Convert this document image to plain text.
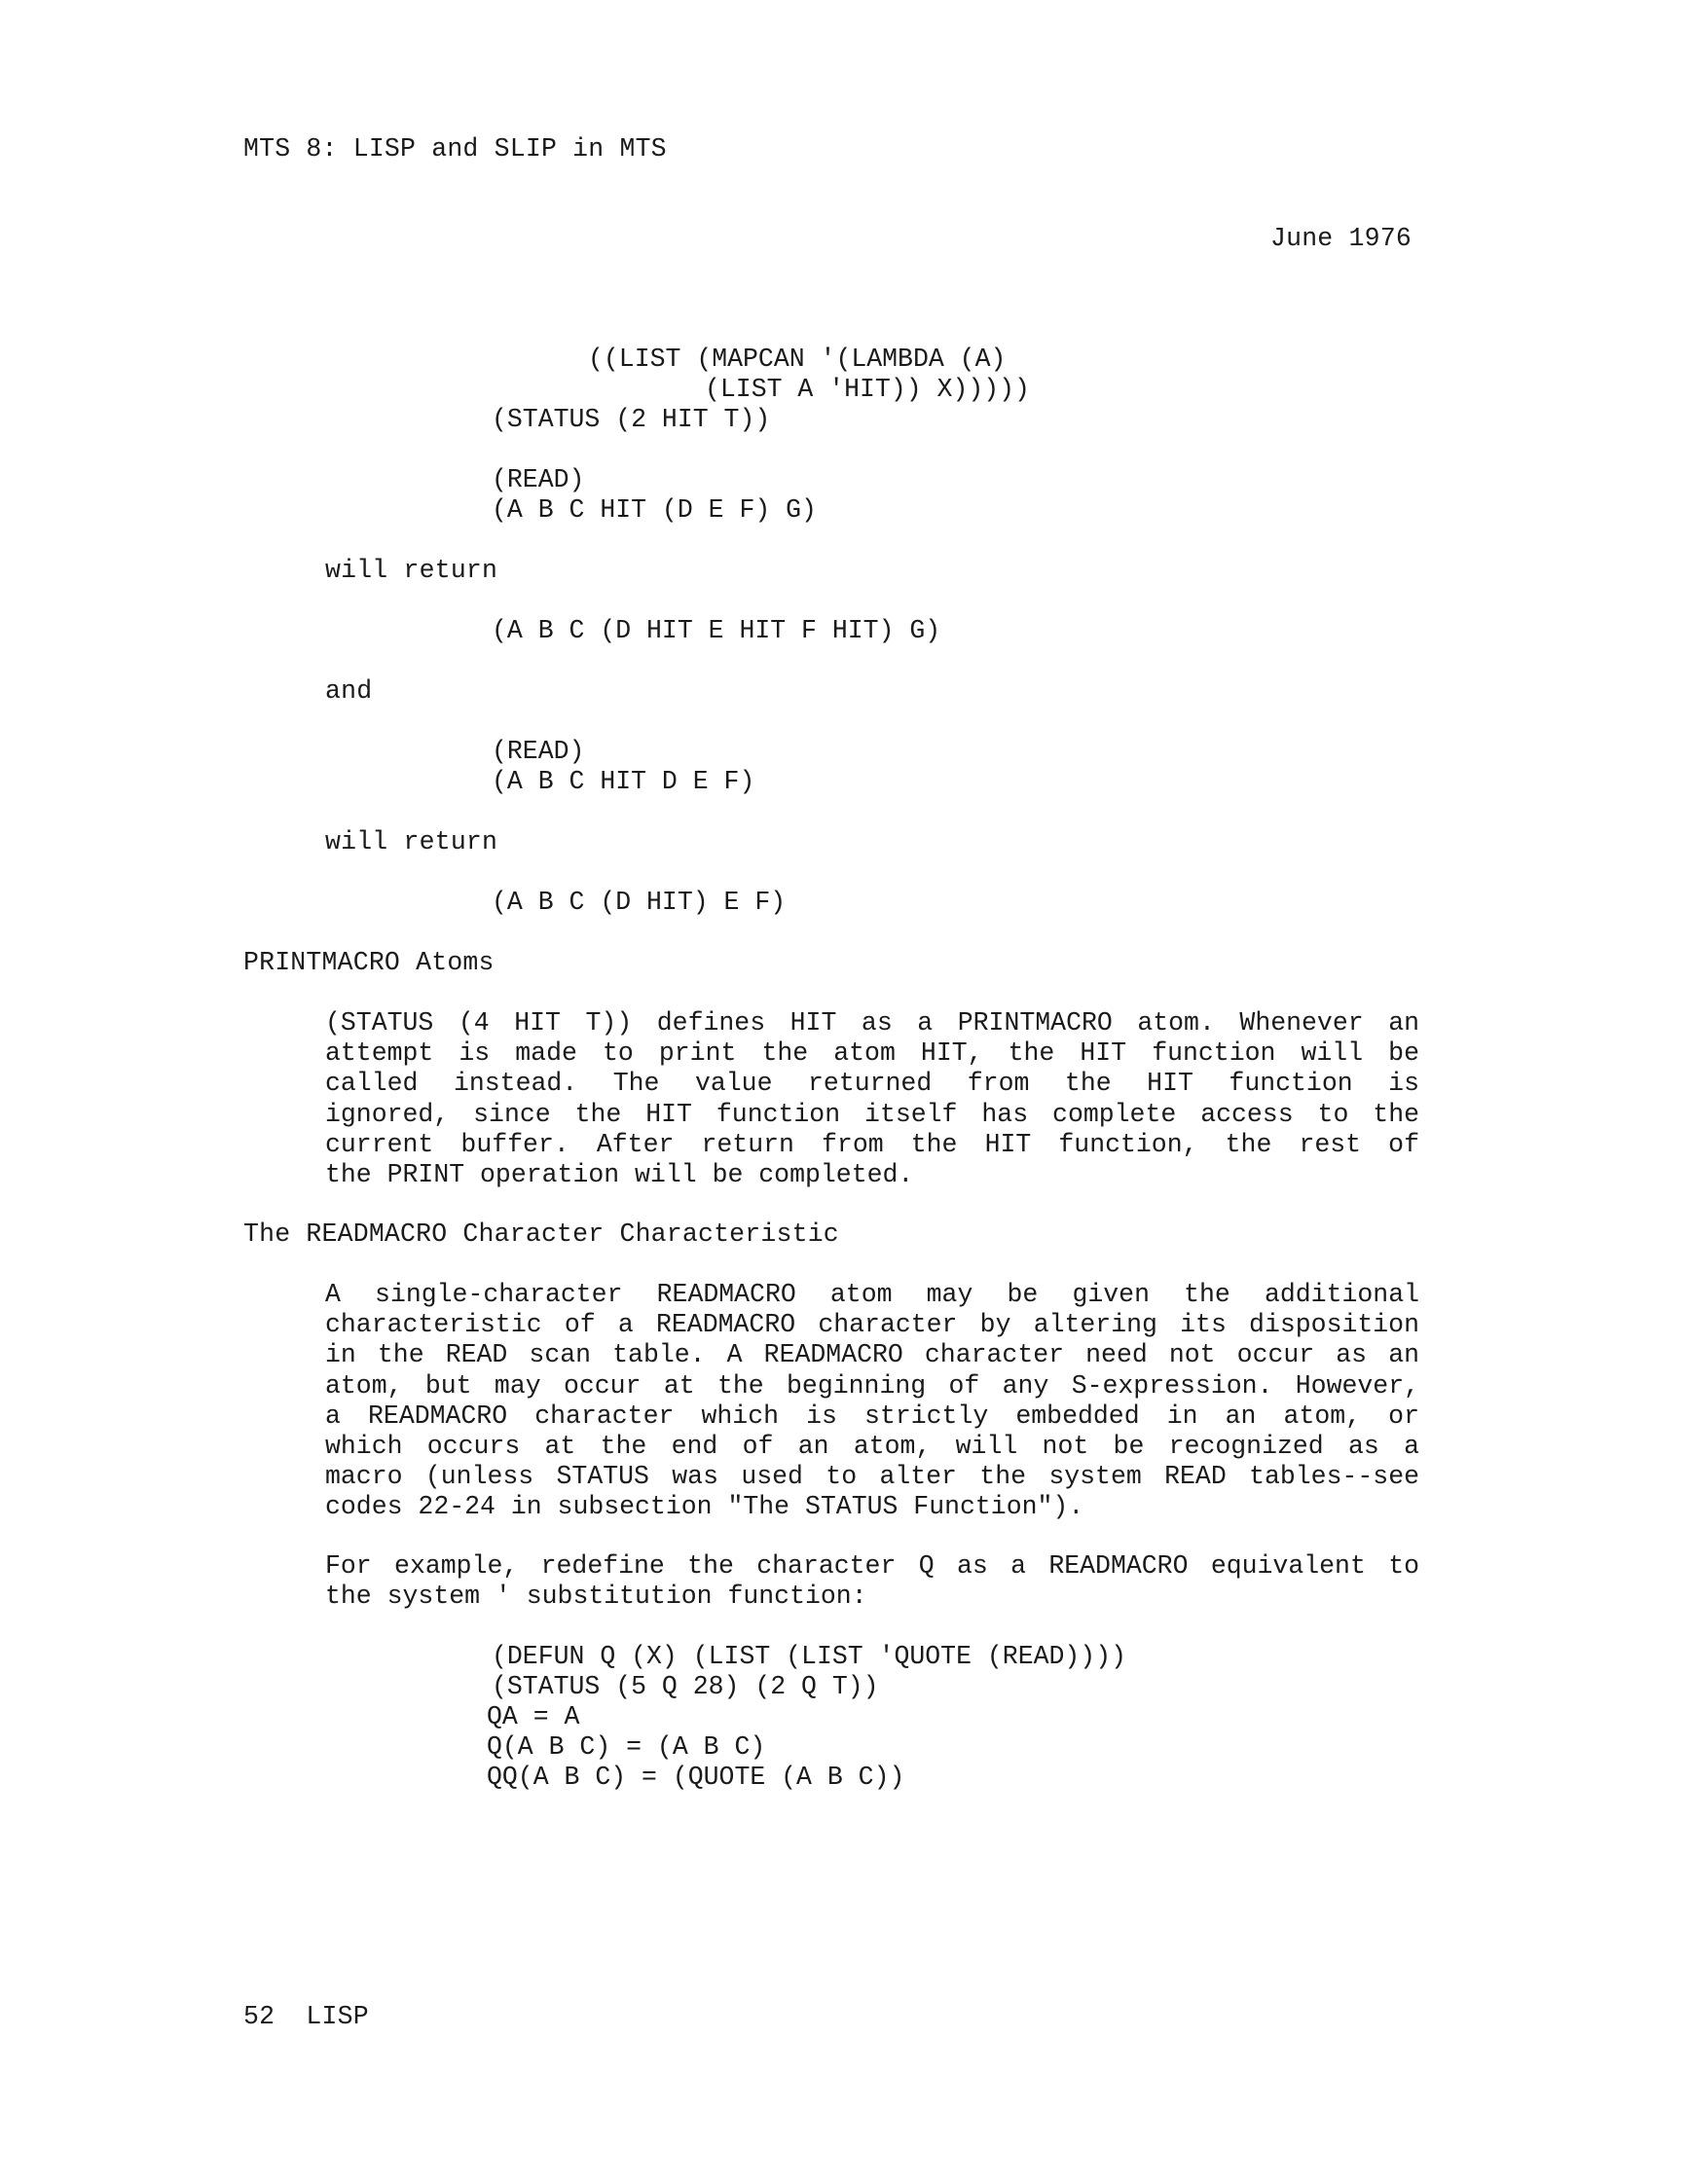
MTS 8: LISP and SLIP in MTS
June 1976
((LIST (MAPCAN '(LAMBDA (A)
(LIST A 'HIT)) X)))))
(STATUS (2 HIT T))
(READ)
(A B C HIT (D E F) G)
will return
(A B C (D HIT E HIT F HIT) G)
and
(READ)
(A B C HIT D E F)
will return
(A B C (D HIT) E F)
PRINTMACRO Atoms
(STATUS (4 HIT T)) defines HIT as a PRINTMACRO atom. Whenever an
attempt is made to print the atom HIT, the HIT function will be
called instead. The value returned from the HIT function is
ignored, since the HIT function itself has complete access to the
current buffer. After return from the HIT function, the rest of
the PRINT operation will be completed.
The READMACRO Character Characteristic
A single-character READMACRO atom may be given the additional
characteristic of a READMACRO character by altering its disposition
in the READ scan table. A READMACRO character need not occur as an
atom, but may occur at the beginning of any S-expression. However,
a READMACRO character which is strictly embedded in an atom, or
which occurs at the end of an atom, will not be recognized as a
macro (unless STATUS was used to alter the system READ tables--see
codes 22-24 in subsection "The STATUS Function").
For example, redefine the character Q as a READMACRO equivalent to
the system ' substitution function:
(DEFUN Q (X) (LIST (LIST 'QUOTE (READ))))
(STATUS (5 Q 28) (2 Q T))
QA = A
Q(A B C) = (A B C)
QQ(A B C) = (QUOTE (A B C))
52  LISP
